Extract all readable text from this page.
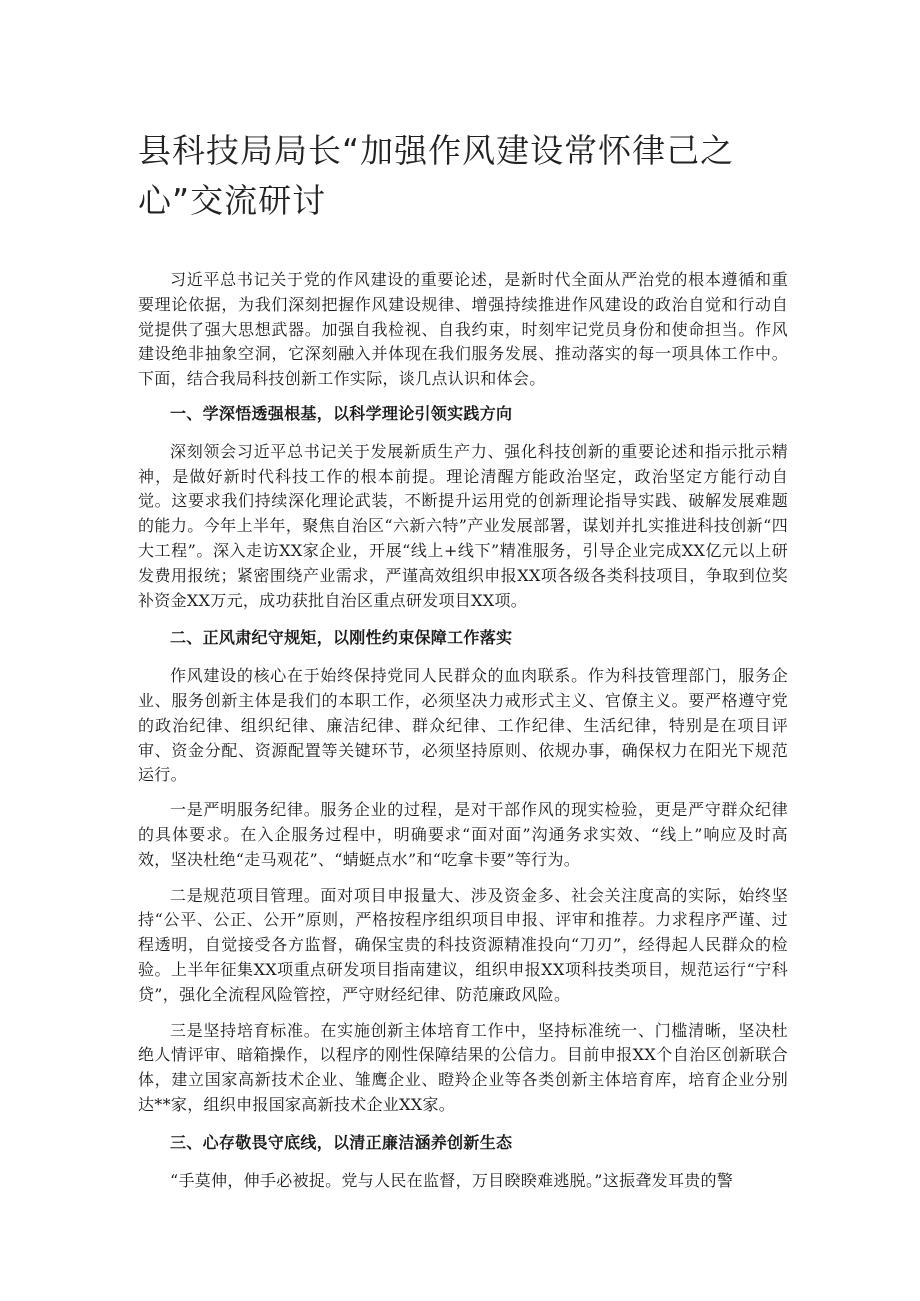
县科技局局长“加强作风建设常怀律己之心”交流研讨

习近平总书记关于党的作风建设的重要论述，是新时代全面从严治党的根本遵循和重要理论依据，为我们深刻把握作风建设规律、增强持续推进作风建设的政治自觉和行动自觉提供了强大思想武器。加强自我检视、自我约束，时刻牢记党员身份和使命担当。作风建设绝非抽象空洞，它深刻融入并体现在我们服务发展、推动落实的每一项具体工作中。下面，结合我局科技创新工作实际，谈几点认识和体会。

一、学深悟透强根基，以科学理论引领实践方向

深刻领会习近平总书记关于发展新质生产力、强化科技创新的重要论述和指示批示精神，是做好新时代科技工作的根本前提。理论清醒方能政治坚定，政治坚定方能行动自觉。这要求我们持续深化理论武装，不断提升运用党的创新理论指导实践、破解发展难题的能力。今年上半年，聚焦自治区“六新六特”产业发展部署，谋划并扎实推进科技创新“四大工程”。深入走访XX家企业，开展“线上+线下”精准服务，引导企业完成XX亿元以上研发费用报统；紧密围绕产业需求，严谨高效组织申报XX项各级各类科技项目，争取到位奖补资金XX万元，成功获批自治区重点研发项目XX项。

二、正风肃纪守规矩，以刚性约束保障工作落实

作风建设的核心在于始终保持党同人民群众的血肉联系。作为科技管理部门，服务企业、服务创新主体是我们的本职工作，必须坚决力戒形式主义、官僚主义。要严格遵守党的政治纪律、组织纪律、廉洁纪律、群众纪律、工作纪律、生活纪律，特别是在项目评审、资金分配、资源配置等关键环节，必须坚持原则、依规办事，确保权力在阳光下规范运行。

一是严明服务纪律。服务企业的过程，是对干部作风的现实检验，更是严守群众纪律的具体要求。在入企服务过程中，明确要求“面对面”沟通务求实效、“线上”响应及时高效，坚决杜绝“走马观花”、“蜻蜓点水”和“吃拿卡要”等行为。

二是规范项目管理。面对项目申报量大、涉及资金多、社会关注度高的实际，始终坚持“公平、公正、公开”原则，严格按程序组织项目申报、评审和推荐。力求程序严谨、过程透明，自觉接受各方监督，确保宝贵的科技资源精准投向“刀刃”，经得起人民群众的检验。上半年征集XX项重点研发项目指南建议，组织申报XX项科技类项目，规范运行“宁科贷”，强化全流程风险管控，严守财经纪律、防范廉政风险。

三是坚持培育标准。在实施创新主体培育工作中，坚持标准统一、门槛清晰，坚决杜绝人情评审、暗箱操作，以程序的刚性保障结果的公信力。目前申报XX个自治区创新联合体，建立国家高新技术企业、雏鹰企业、瞪羚企业等各类创新主体培育库，培育企业分别达**家，组织申报国家高新技术企业XX家。

三、心存敬畏守底线，以清正廉洁涵养创新生态

“手莫伸，伸手必被捉。党与人民在监督，万目睽睽难逃脱。”这振聋发耳贵的警
